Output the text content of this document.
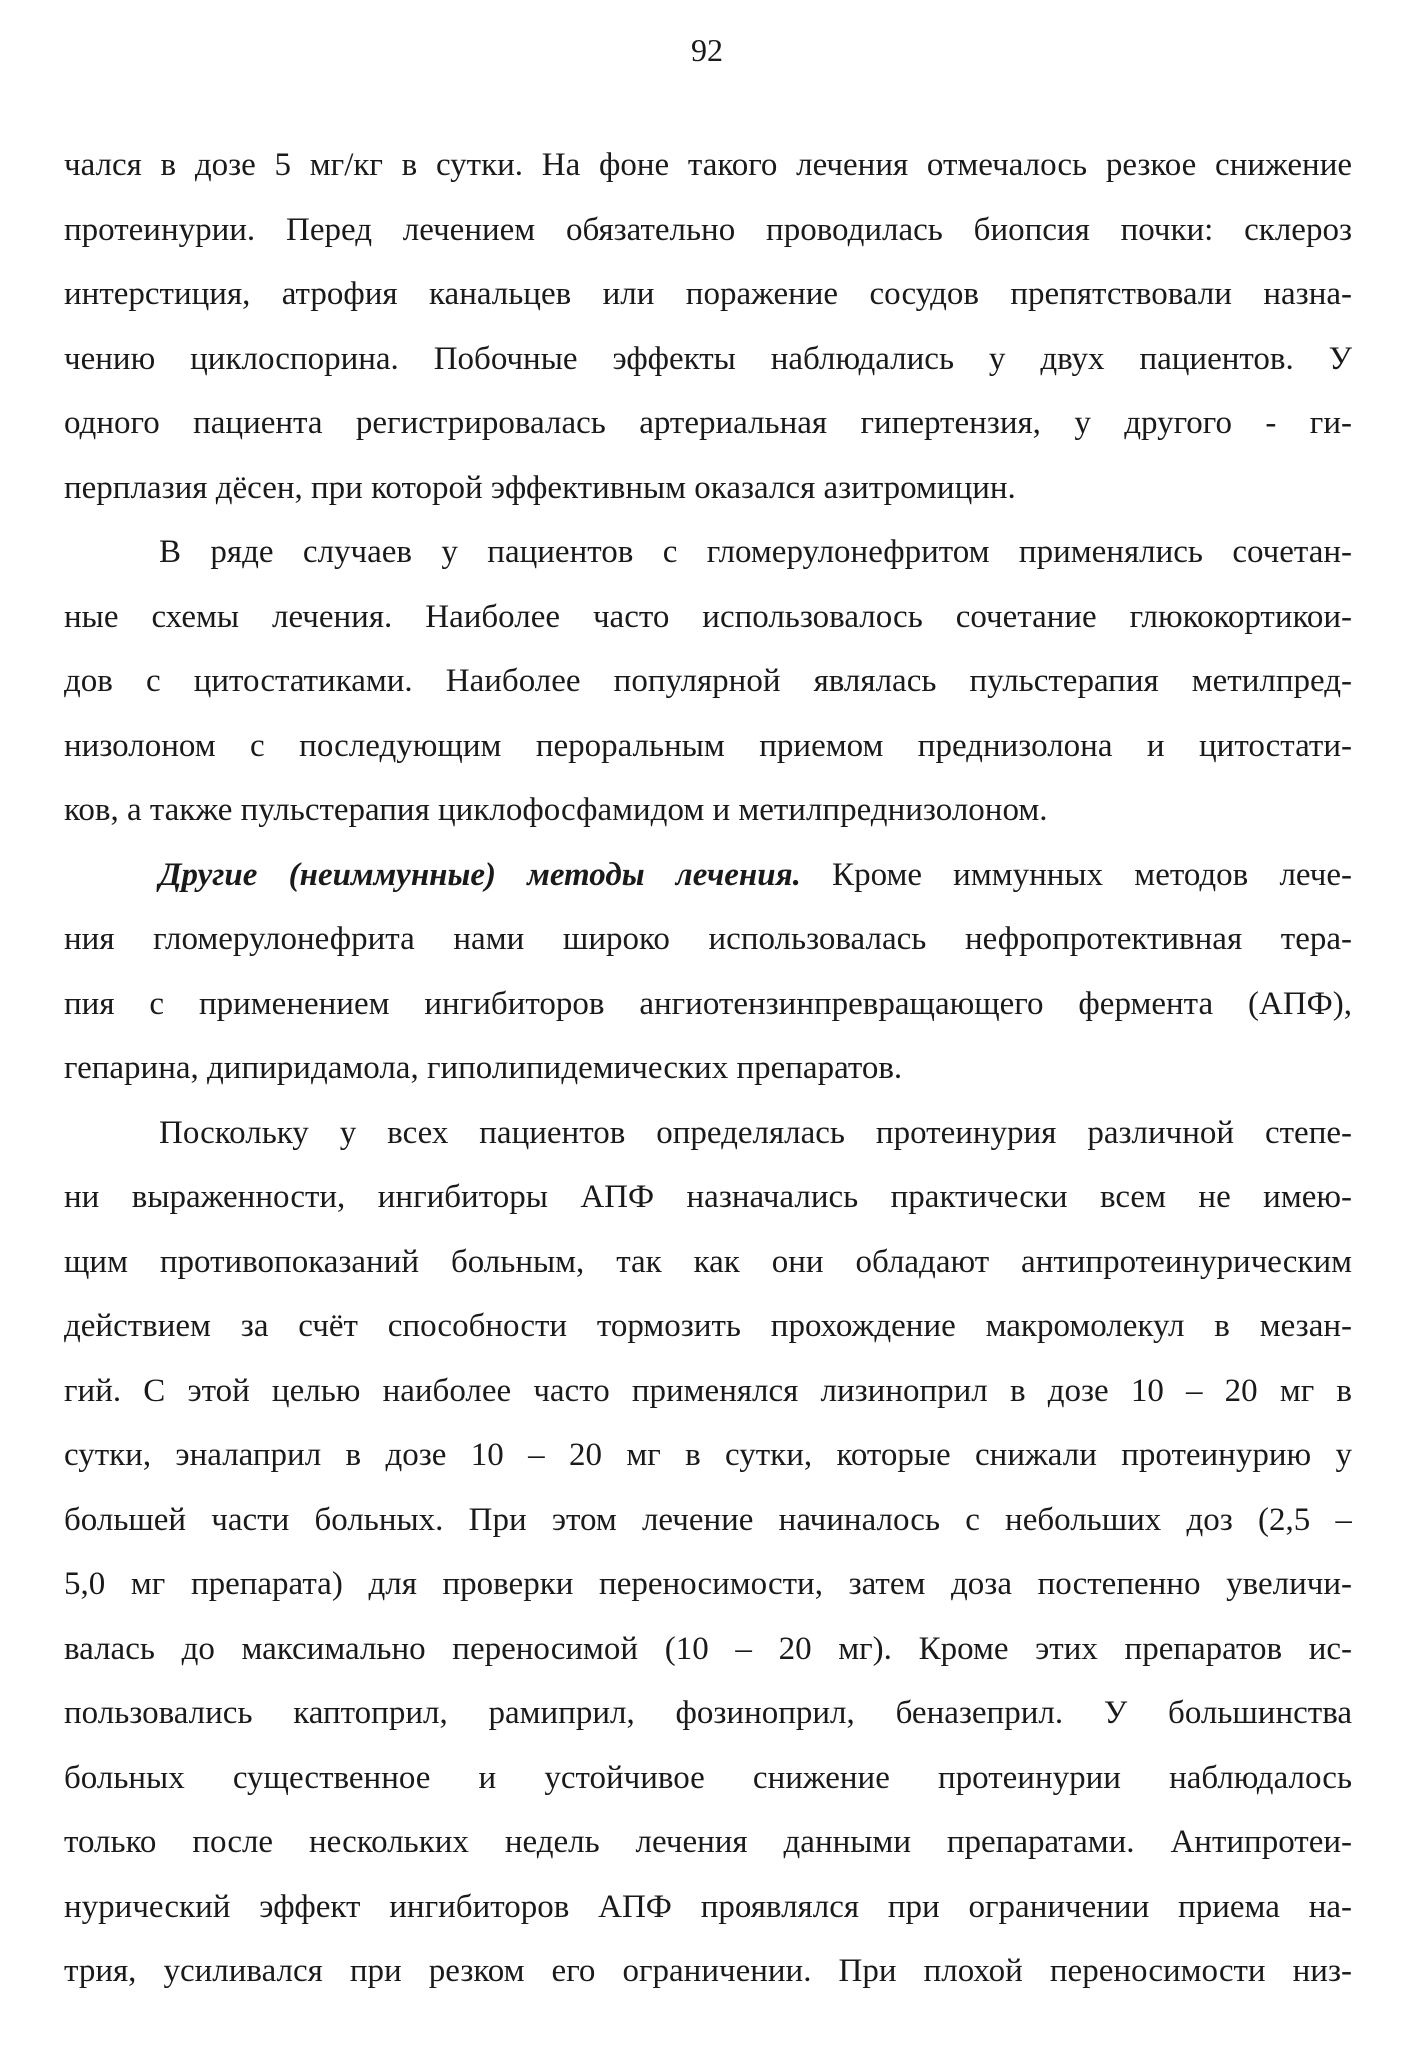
92
чался в дозе 5 мг/кг в сутки. На фоне такого лечения отмечалось резкое снижение
протеинурии. Перед лечением обязательно проводилась биопсия почки: склероз
интерстиция, атрофия канальцев или поражение сосудов препятствовали назна-
чению циклоспорина. Побочные эффекты наблюдались у двух пациентов. У
одного пациента регистрировалась артериальная гипертензия, у другого - ги-
перплазия дёсен, при которой эффективным оказался азитромицин.
В ряде случаев у пациентов с гломерулонефритом применялись сочетан-
ные схемы лечения. Наиболее часто использовалось сочетание глюкокортикои-
дов с цитостатиками. Наиболее популярной являлась пульстерапия метилпред-
низолоном с последующим пероральным приемом преднизолона и цитостати-
ков, а также пульстерапия циклофосфамидом и метилпреднизолоном.
Другие (неиммунные) методы лечения. Кроме иммунных методов лече-
ния гломерулонефрита нами широко использовалась нефропротективная тера-
пия с применением ингибиторов ангиотензинпревращающего фермента (АПФ),
гепарина, дипиридамола, гиполипидемических препаратов.
Поскольку у всех пациентов определялась протеинурия различной степе-
ни выраженности, ингибиторы АПФ назначались практически всем не имею-
щим противопоказаний больным, так как они обладают антипротеинурическим
действием за счёт способности тормозить прохождение макромолекул в мезан-
гий. С этой целью наиболее часто применялся лизиноприл в дозе 10 – 20 мг в
сутки, эналаприл в дозе 10 – 20 мг в сутки, которые снижали протеинурию у
большей части больных. При этом лечение начиналось с небольших доз (2,5 –
5,0 мг препарата) для проверки переносимости, затем доза постепенно увеличи-
валась до максимально переносимой (10 – 20 мг). Кроме этих препаратов ис-
пользовались каптоприл, рамиприл, фозиноприл, беназеприл. У большинства
больных существенное и устойчивое снижение протеинурии наблюдалось
только после нескольких недель лечения данными препаратами. Антипротеи-
нурический эффект ингибиторов АПФ проявлялся при ограничении приема на-
трия, усиливался при резком его ограничении. При плохой переносимости низ-
